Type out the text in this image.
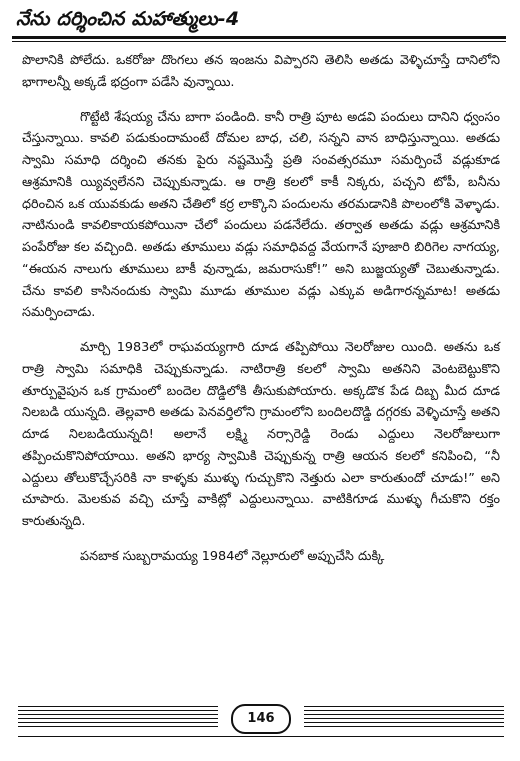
నేను దర్శించిన మహాత్ములు-4

పొలానికి పోలేదు. ఒకరోజు దొంగలు తన ఇంజను విప్పారని తెలిసి అతడు వెళ్ళిచూస్తే దానిలోని భాగాలన్నీ అక్కడే భద్రంగా పడేసి వున్నాయి.

గొట్టేటి శేషయ్య చేను బాగా పండింది. కానీ రాత్రి పూట అడవి పందులు దానిని ధ్వంసం చేస్తున్నాయి. కావలి పడుకుందామంటే దోమల బాధ, చలి, సన్నని వాన బాధిస్తున్నాయి. అతడు స్వామి సమాధి దర్శించి తనకు పైరు నష్టమొస్తే ప్రతి సంవత్సరమూ సమర్పించే వడ్లుకూడ ఆశ్రమానికి య్యివ్వలేనని చెప్పుకున్నాడు. ఆ రాత్రి కలలో కాకీ నిక్కరు, పచ్చని టోపీ, బనీను ధరించిన ఒక యువకుడు అతని చేతిలో కర్ర లాక్కొని పందులను తరమడానికి పొలంలోకి వెళ్ళాడు. నాటినుండి కావలికాయకపోయినా చేలో పందులు పడనేలేదు. తర్వాత అతడు వడ్లు ఆశ్రమానికి పంపేరోజు కల వచ్చింది. అతడు తూములు వడ్లు సమాధివద్ద వేయగానే పూజారి బిరిగెల నాగయ్య, “ఈయన నాలుగు తూములు బాకీ వున్నాడు, జమరాసుకో!” అని బుజ్జయ్యతో చెబుతున్నాడు. చేను కావలి కాసినందుకు స్వామి మూడు తూముల వడ్లు ఎక్కువ అడిగారన్నమాట! అతడు సమర్పించాడు.

మార్చి 1983లో రాఘవయ్యగారి దూడ తప్పిపోయి నెలరోజుల యింది. అతను ఒక రాత్రి స్వామి సమాధికి చెప్పుకున్నాడు. నాటిరాత్రి కలలో స్వామి అతనిని వెంటబెట్టుకొని తూర్పువైపున ఒక గ్రామంలో బందెల దొడ్డిలోకి తీసుకుపోయారు. అక్కడొక పేడ దిబ్బ మీద దూడ నిలబడి యున్నది. తెల్లవారి అతడు పెనవర్తిలోని గ్రామంలోని బందిలదొడ్డి దగ్గరకు వెళ్ళిచూస్తే అతని దూడ నిలబడియున్నది! అలానే లక్ష్మి నర్సారెడ్డి రెండు ఎద్దులు నెలరోజులుగా తప్పించుకొనిపోయాయి. అతని భార్య స్వామికి చెప్పుకున్న రాత్రి ఆయన కలలో కనిపించి, “నీ ఎద్దులు తోలుకొచ్చేసరికి నా కాళ్ళకు ముళ్ళు గుచ్చుకొని నెత్తురు ఎలా కారుతుందో చూడు!” అని చూపారు. మెలకువ వచ్చి చూస్తే వాకిట్లో ఎద్దులున్నాయి. వాటికిగూడ ముళ్ళు గీచుకొని రక్తం కారుతున్నది.

పనబాక సుబ్బరామయ్య 1984లో నెల్లూరులో అప్పుచేసి దుక్కి

146
